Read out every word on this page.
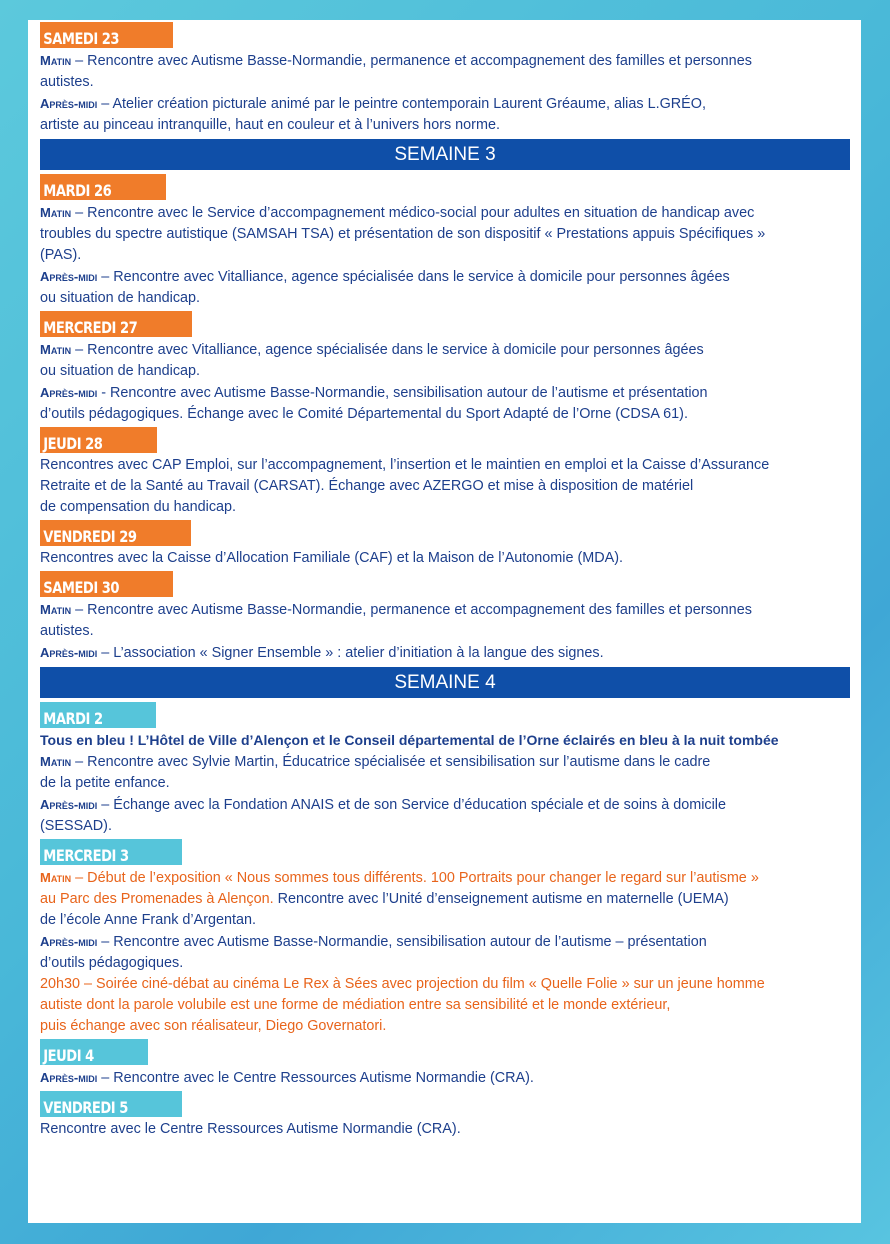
SAMEDI 23

Matin – Rencontre avec Autisme Basse-Normandie, permanence et accompagnement des familles et personnes

autistes.

Après-midi – Atelier création picturale animé par le peintre contemporain Laurent Gréaume, alias L.GRÉO,

artiste au pinceau intranquille, haut en couleur et à l’univers hors norme.

SEMAINE 3
MARDI 26

Matin – Rencontre avec le Service d’accompagnement médico-social pour adultes en situation de handicap avec

troubles du spectre autistique (SAMSAH TSA) et présentation de son dispositif « Prestations appuis Spécifiques »

(PAS).

Après-midi – Rencontre avec Vitalliance, agence spécialisée dans le service à domicile pour personnes âgées

ou situation de handicap.

MERCREDI 27

Matin – Rencontre avec Vitalliance, agence spécialisée dans le service à domicile pour personnes âgées

ou situation de handicap.

Après-midi - Rencontre avec Autisme Basse-Normandie, sensibilisation autour de l’autisme et présentation

d’outils pédagogiques. Échange avec le Comité Départemental du Sport Adapté de l’Orne (CDSA 61).

JEUDI 28

Rencontres avec CAP Emploi, sur l’accompagnement, l’insertion et le maintien en emploi et la Caisse d’Assurance

Retraite et de la Santé au Travail (CARSAT). Échange avec AZERGO et mise à disposition de matériel

de compensation du handicap.

VENDREDI 29

Rencontres avec la Caisse d’Allocation Familiale (CAF) et la Maison de l’Autonomie (MDA).

SAMEDI 30

Matin – Rencontre avec Autisme Basse-Normandie, permanence et accompagnement des familles et personnes

autistes.

Après-midi – L’association « Signer Ensemble » : atelier d’initiation à la langue des signes.

SEMAINE 4
MARDI 2

Tous en bleu ! L’Hôtel de Ville d’Alençon et le Conseil départemental de l’Orne éclairés en bleu à la nuit tombée

Matin – Rencontre avec Sylvie Martin, Éducatrice spécialisée et sensibilisation sur l’autisme dans le cadre

de la petite enfance.

Après-midi – Échange avec la Fondation ANAIS et de son Service d’éducation spéciale et de soins à domicile

(SESSAD).

MERCREDI 3

Matin – Début de l’exposition « Nous sommes tous différents. 100 Portraits pour changer le regard sur l’autisme »

au Parc des Promenades à Alençon. Rencontre avec l’Unité d’enseignement autisme en maternelle (UEMA)

de l’école Anne Frank d’Argentan.

Après-midi – Rencontre avec Autisme Basse-Normandie, sensibilisation autour de l’autisme – présentation

d’outils pédagogiques.

20h30 – Soirée ciné-débat au cinéma Le Rex à Sées avec projection du film « Quelle Folie » sur un jeune homme

autiste dont la parole volubile est une forme de médiation entre sa sensibilité et le monde extérieur,

puis échange avec son réalisateur, Diego Governatori.

JEUDI 4

Après-midi – Rencontre avec le Centre Ressources Autisme Normandie (CRA).

VENDREDI 5

Rencontre avec le Centre Ressources Autisme Normandie (CRA).
